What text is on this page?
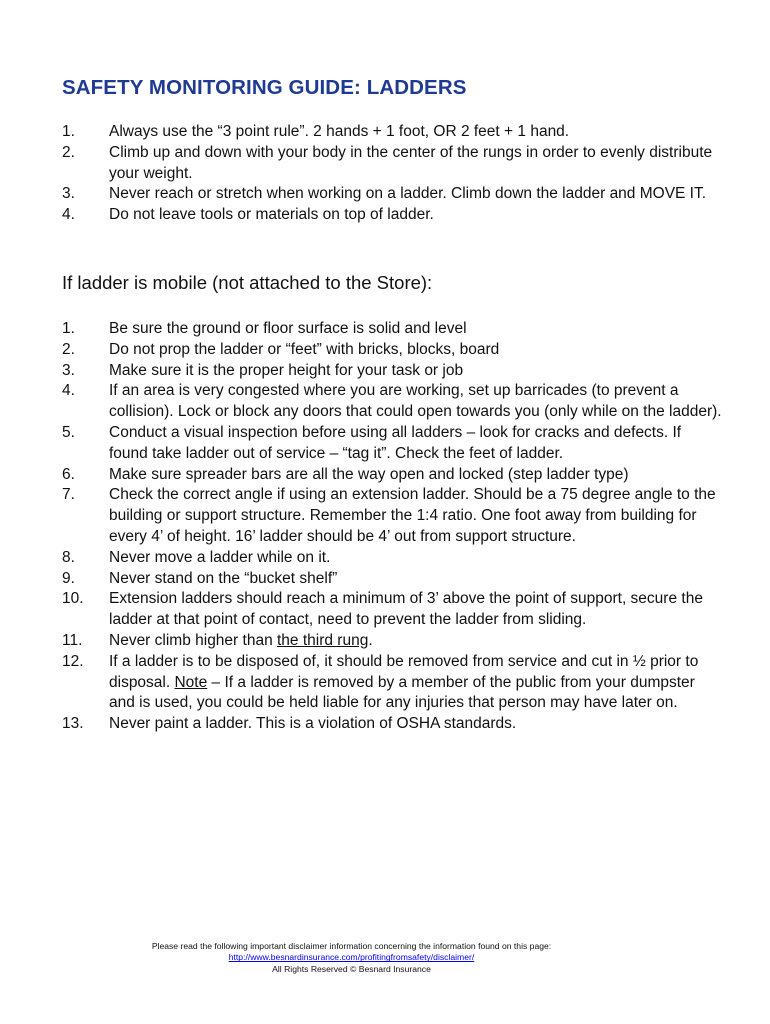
SAFETY MONITORING GUIDE: LADDERS
1. Always use the “3 point rule”. 2 hands + 1 foot, OR 2 feet + 1 hand.
2. Climb up and down with your body in the center of the rungs in order to evenly distribute your weight.
3. Never reach or stretch when working on a ladder. Climb down the ladder and MOVE IT.
4. Do not leave tools or materials on top of ladder.
If ladder is mobile (not attached to the Store):
1. Be sure the ground or floor surface is solid and level
2. Do not prop the ladder or “feet” with bricks, blocks, board
3. Make sure it is the proper height for your task or job
4. If an area is very congested where you are working, set up barricades (to prevent a collision). Lock or block any doors that could open towards you (only while on the ladder).
5. Conduct a visual inspection before using all ladders – look for cracks and defects. If found take ladder out of service – “tag it”. Check the feet of ladder.
6. Make sure spreader bars are all the way open and locked (step ladder type)
7. Check the correct angle if using an extension ladder. Should be a 75 degree angle to the building or support structure. Remember the 1:4 ratio. One foot away from building for every 4’ of height. 16’ ladder should be 4’ out from support structure.
8. Never move a ladder while on it.
9. Never stand on the “bucket shelf”
10. Extension ladders should reach a minimum of 3’ above the point of support, secure the ladder at that point of contact, need to prevent the ladder from sliding.
11. Never climb higher than the third rung.
12. If a ladder is to be disposed of, it should be removed from service and cut in ½ prior to disposal. Note – If a ladder is removed by a member of the public from your dumpster and is used, you could be held liable for any injuries that person may have later on.
13. Never paint a ladder. This is a violation of OSHA standards.
Please read the following important disclaimer information concerning the information found on this page:
http://www.besnardinsurance.com/profitingfromsafety/disclaimer/
All Rights Reserved © Besnard Insurance
